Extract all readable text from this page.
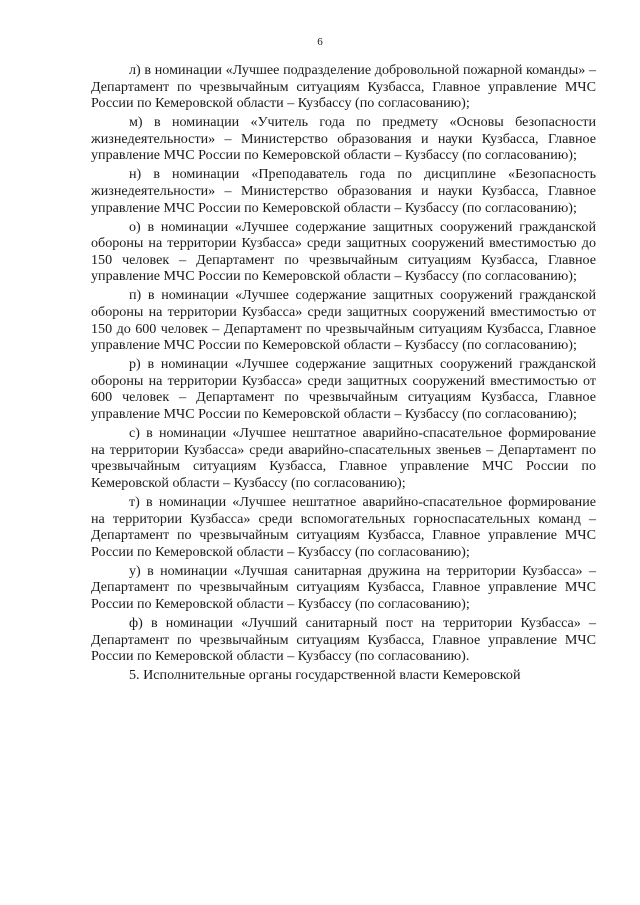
6

л) в номинации «Лучшее подразделение добровольной пожарной команды» – Департамент по чрезвычайным ситуациям Кузбасса, Главное управление МЧС России по Кемеровской области – Кузбассу (по согласованию);

м) в номинации «Учитель года по предмету «Основы безопасности жизнедеятельности» – Министерство образования и науки Кузбасса, Главное управление МЧС России по Кемеровской области – Кузбассу (по согласованию);

н) в номинации «Преподаватель года по дисциплине «Безопасность жизнедеятельности» – Министерство образования и науки Кузбасса, Главное управление МЧС России по Кемеровской области – Кузбассу (по согласованию);

о) в номинации «Лучшее содержание защитных сооружений гражданской обороны на территории Кузбасса» среди защитных сооружений вместимостью до 150 человек – Департамент по чрезвычайным ситуациям Кузбасса, Главное управление МЧС России по Кемеровской области – Кузбассу (по согласованию);

п) в номинации «Лучшее содержание защитных сооружений гражданской обороны на территории Кузбасса» среди защитных сооружений вместимостью от 150 до 600 человек – Департамент по чрезвычайным ситуациям Кузбасса, Главное управление МЧС России по Кемеровской области – Кузбассу (по согласованию);

р) в номинации «Лучшее содержание защитных сооружений гражданской обороны на территории Кузбасса» среди защитных сооружений вместимостью от 600 человек – Департамент по чрезвычайным ситуациям Кузбасса, Главное управление МЧС России по Кемеровской области – Кузбассу (по согласованию);

с) в номинации «Лучшее нештатное аварийно-спасательное формирование на территории Кузбасса» среди аварийно-спасательных звеньев – Департамент по чрезвычайным ситуациям Кузбасса, Главное управление МЧС России по Кемеровской области – Кузбассу (по согласованию);

т) в номинации «Лучшее нештатное аварийно-спасательное формирование на территории Кузбасса» среди вспомогательных горноспасательных команд – Департамент по чрезвычайным ситуациям Кузбасса, Главное управление МЧС России по Кемеровской области – Кузбассу (по согласованию);

у) в номинации «Лучшая санитарная дружина на территории Кузбасса» – Департамент по чрезвычайным ситуациям Кузбасса, Главное управление МЧС России по Кемеровской области – Кузбассу (по согласованию);

ф) в номинации «Лучший санитарный пост на территории Кузбасса» – Департамент по чрезвычайным ситуациям Кузбасса, Главное управление МЧС России по Кемеровской области – Кузбассу (по согласованию).

5. Исполнительные органы государственной власти Кемеровской
